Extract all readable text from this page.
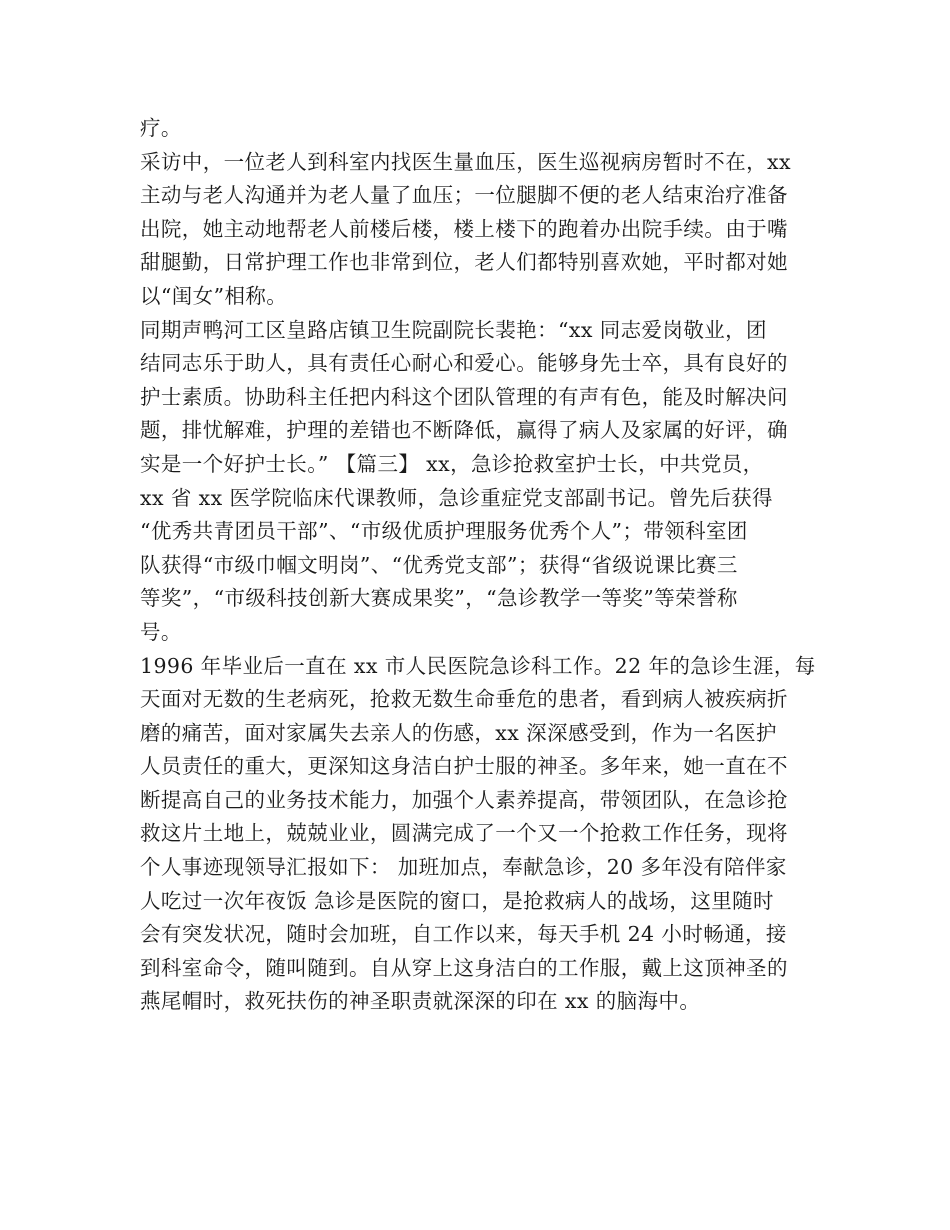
疗。
采访中，一位老人到科室内找医生量血压，医生巡视病房暂时不在，xx
主动与老人沟通并为老人量了血压；一位腿脚不便的老人结束治疗准备
出院，她主动地帮老人前楼后楼，楼上楼下的跑着办出院手续。由于嘴
甜腿勤，日常护理工作也非常到位，老人们都特别喜欢她，平时都对她
以“闺女”相称。
同期声鸭河工区皇路店镇卫生院副院长裴艳：“xx 同志爱岗敬业，团
结同志乐于助人，具有责任心耐心和爱心。能够身先士卒，具有良好的
护士素质。协助科主任把内科这个团队管理的有声有色，能及时解决问
题，排忧解难，护理的差错也不断降低，赢得了病人及家属的好评，确
实是一个好护士长。” 【篇三】 xx，急诊抢救室护士长，中共党员，
xx 省 xx 医学院临床代课教师，急诊重症党支部副书记。曾先后获得
“优秀共青团员干部”、“市级优质护理服务优秀个人”；带领科室团
队获得“市级巾帼文明岗”、“优秀党支部”；获得“省级说课比赛三
等奖”，“市级科技创新大赛成果奖”，“急诊教学一等奖”等荣誉称
号。
1996 年毕业后一直在 xx 市人民医院急诊科工作。22 年的急诊生涯，每
天面对无数的生老病死，抢救无数生命垂危的患者，看到病人被疾病折
磨的痛苦，面对家属失去亲人的伤感，xx 深深感受到，作为一名医护
人员责任的重大，更深知这身洁白护士服的神圣。多年来，她一直在不
断提高自己的业务技术能力，加强个人素养提高，带领团队，在急诊抢
救这片土地上，兢兢业业，圆满完成了一个又一个抢救工作任务，现将
个人事迹现领导汇报如下： 加班加点，奉献急诊，20 多年没有陪伴家
人吃过一次年夜饭 急诊是医院的窗口，是抢救病人的战场，这里随时
会有突发状况，随时会加班，自工作以来，每天手机 24 小时畅通，接
到科室命令，随叫随到。自从穿上这身洁白的工作服，戴上这顶神圣的
燕尾帽时，救死扶伤的神圣职责就深深的印在 xx 的脑海中。
